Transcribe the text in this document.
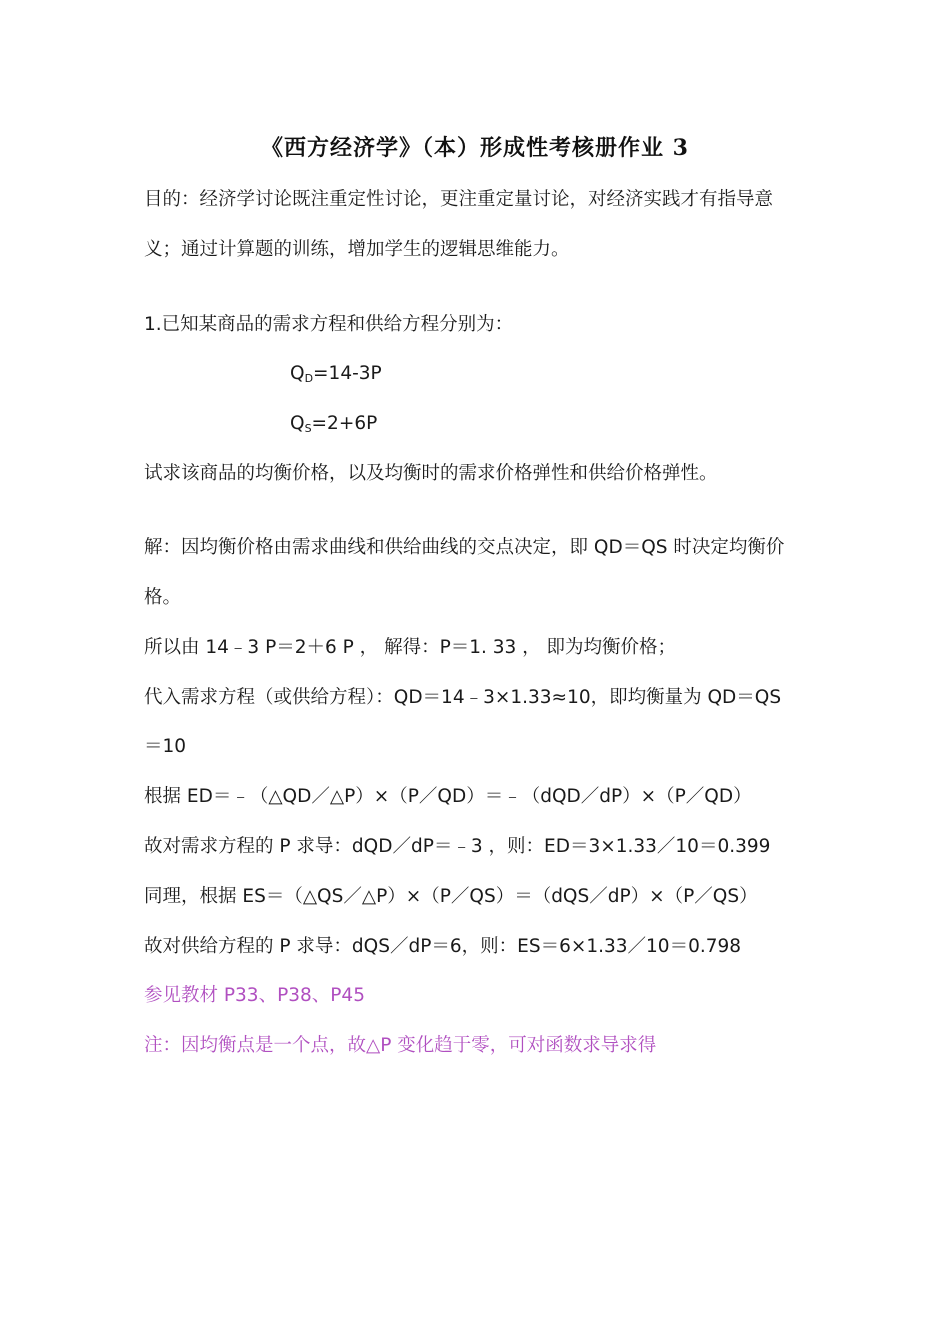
《西方经济学》（本）形成性考核册作业 3
目的：经济学讨论既注重定性讨论，更注重定量讨论，对经济实践才有指导意
义；通过计算题的训练，增加学生的逻辑思维能力。
1.已知某商品的需求方程和供给方程分别为：
$Q_D=14-3P$
$Q_S=2+6P$
试求该商品的均衡价格，以及均衡时的需求价格弹性和供给价格弹性。
解：因均衡价格由需求曲线和供给曲线的交点决定，即 QD＝QS 时决定均衡价
格。
所以由 14﹣3 P＝2＋6 P ， 解得：P＝1. 33 ， 即为均衡价格；
代入需求方程（或供给方程）：QD＝14﹣3×1.33≈10，即均衡量为 QD＝QS
＝10
根据 ED＝﹣（△QD／△P）×（P／QD）＝﹣（dQD／dP）×（P／QD）
故对需求方程的 P 求导：dQD／dP＝﹣3 ，则：ED＝3×1.33／10＝0.399
同理，根据 ES＝（△QS／△P）×（P／QS）＝（dQS／dP）×（P／QS）
故对供给方程的 P 求导：dQS／dP＝6，则：ES＝6×1.33／10＝0.798
参见教材 P33、P38、P45
注：因均衡点是一个点，故△P 变化趋于零，可对函数求导求得
